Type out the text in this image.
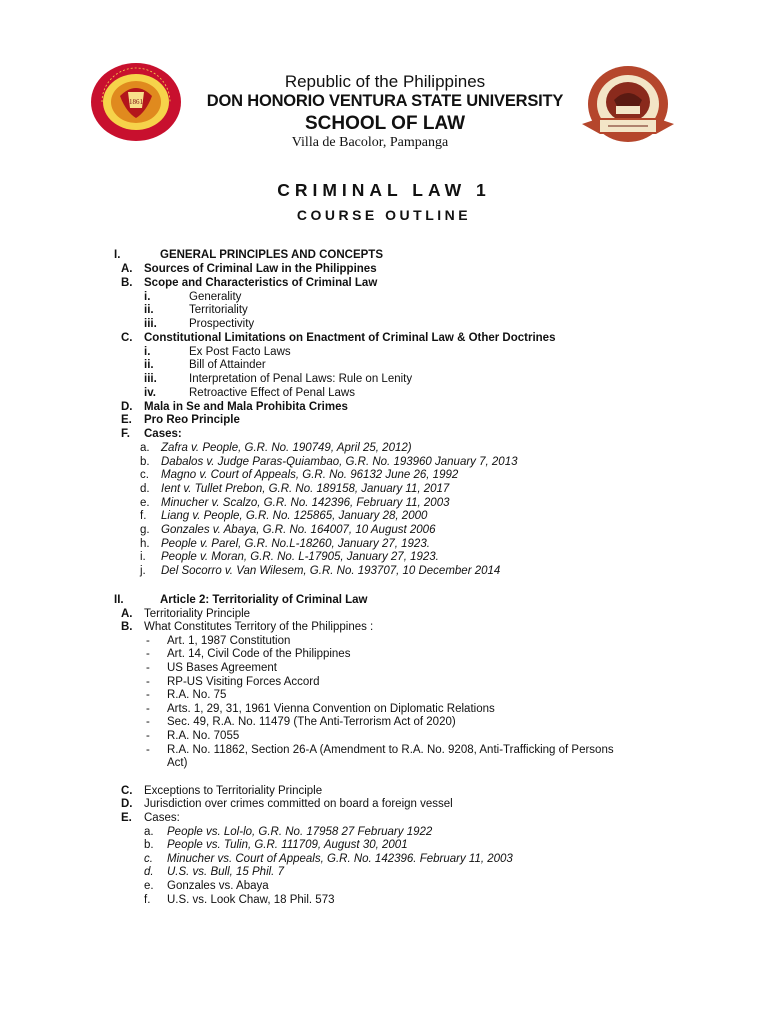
1861
Republic of the Philippines
DON HONORIO VENTURA STATE UNIVERSITY
SCHOOL OF LAW
Villa de Bacolor, Pampanga
CRIMINAL LAW 1
COURSE OUTLINE
I.	GENERAL PRINCIPLES AND CONCEPTS
A. Sources of Criminal Law in the Philippines
B. Scope and Characteristics of Criminal Law
i.	Generality
ii.	Territoriality
iii.	Prospectivity
C. Constitutional Limitations on Enactment of Criminal Law & Other Doctrines
i.	Ex Post Facto Laws
ii.	Bill of Attainder
iii.	Interpretation of Penal Laws: Rule on Lenity
iv.	Retroactive Effect of Penal Laws
D. Mala in Se and Mala Prohibita Crimes
E. Pro Reo Principle
F. Cases:
a. Zafra v. People, G.R. No. 190749, April 25, 2012)
b. Dabalos v. Judge Paras-Quiambao, G.R. No. 193960 January 7, 2013
c. Magno v. Court of Appeals, G.R. No. 96132 June 26, 1992
d. Ient v. Tullet Prebon, G.R. No. 189158, January 11, 2017
e. Minucher v. Scalzo, G.R. No. 142396, February 11, 2003
f. Liang v. People, G.R. No. 125865, January 28, 2000
g. Gonzales v. Abaya, G.R. No. 164007, 10 August 2006
h. People v. Parel, G.R. No.L-18260, January 27, 1923.
i. People v. Moran, G.R. No. L-17905, January 27, 1923.
j. Del Socorro v. Van Wilesem, G.R. No. 193707, 10 December 2014
II.	Article 2: Territoriality of Criminal Law
A. Territoriality Principle
B. What Constitutes Territory of the Philippines :
- Art. 1, 1987 Constitution
- Art. 14, Civil Code of the Philippines
- US Bases Agreement
- RP-US Visiting Forces Accord
- R.A. No. 75
- Arts. 1, 29, 31, 1961 Vienna Convention on Diplomatic Relations
- Sec. 49, R.A. No. 11479 (The Anti-Terrorism Act of 2020)
- R.A. No. 7055
- R.A. No. 11862, Section 26-A (Amendment to R.A. No. 9208, Anti-Trafficking of Persons
Act)
C. Exceptions to Territoriality Principle
D. Jurisdiction over crimes committed on board a foreign vessel
E. Cases:
a. People vs. Lol-lo, G.R. No. 17958 27 February 1922
b. People vs. Tulin, G.R. 111709, August 30, 2001
c. Minucher vs. Court of Appeals, G.R. No. 142396. February 11, 2003
d. U.S. vs. Bull, 15 Phil. 7
e. Gonzales vs. Abaya
f. U.S. vs. Look Chaw, 18 Phil. 573
